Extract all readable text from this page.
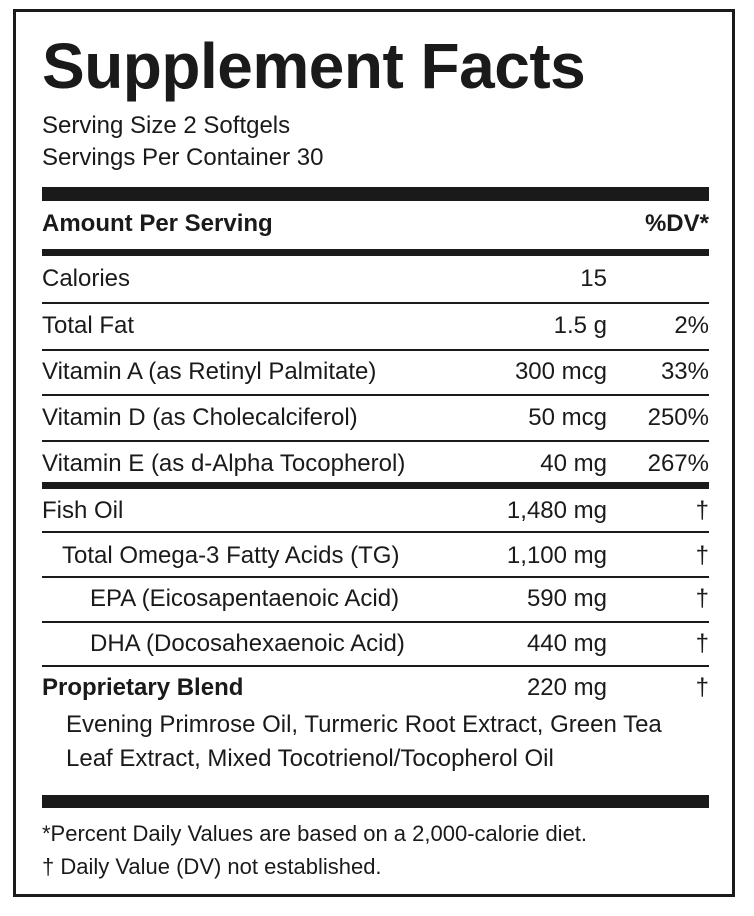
Supplement Facts
Serving Size 2 Softgels
Servings Per Container 30
Amount Per Serving	%DV*
Calories	15
Total Fat	1.5 g	2%
Vitamin A (as Retinyl Palmitate)	300 mcg 33%
Vitamin D (as Cholecalciferol)	50 mcg 250%
Vitamin E (as d-Alpha Tocopherol)	40 mg 267%
Fish Oil	1,480 mg	†
Total Omega-3 Fatty Acids (TG)	1,100 mg	†
EPA (Eicosapentaenoic Acid)	590 mg	†
DHA (Docosahexaenoic Acid)	440 mg	†
Proprietary Blend	220 mg	†
Evening Primrose Oil, Turmeric Root Extract, Green Tea Leaf Extract, Mixed Tocotrienol/Tocopherol Oil
*Percent Daily Values are based on a 2,000-calorie diet.
† Daily Value (DV) not established.
